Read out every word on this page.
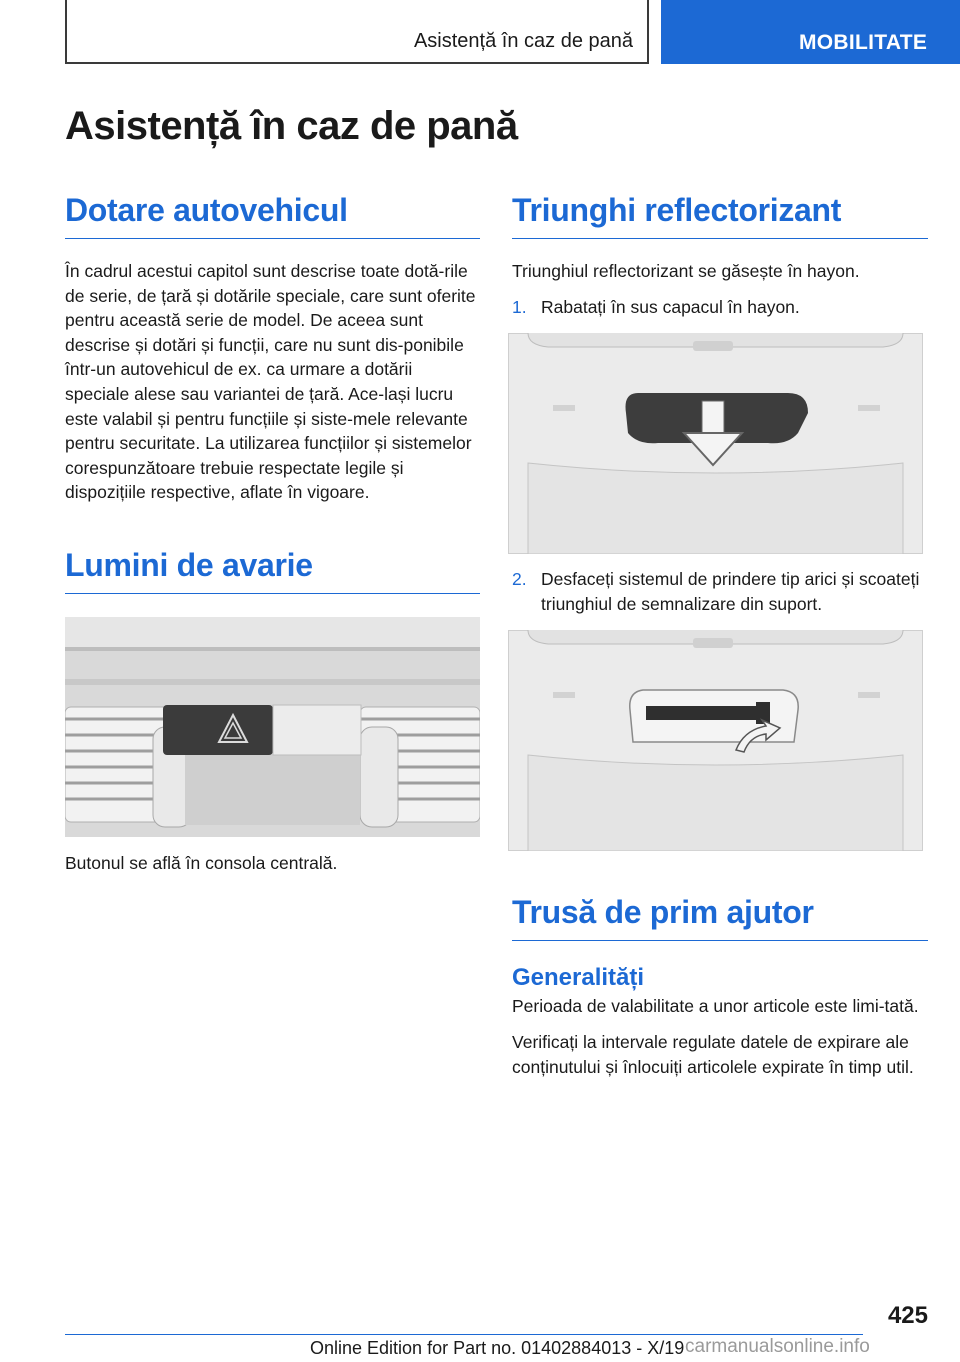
Asistență în caz de pană	MOBILITATE
Asistență în caz de pană
Dotare autovehicul

În cadrul acestui capitol sunt descrise toate dotă‐rile de serie, de țară și dotările speciale, care sunt oferite pentru această serie de model. De aceea sunt descrise și dotări și funcții, care nu sunt dis‐ponibile într-un autovehicul de ex. ca urmare a dotării speciale alese sau variantei de țară. Ace‐lași lucru este valabil și pentru funcțiile și siste‐mele relevante pentru securitate. La utilizarea funcțiilor și sistemelor corespunzătoare trebuie respectate legile și dispozițiile respective, aflate în vigoare.

Lumini de avarie

Butonul se află în consola centrală.

Triunghi reflectorizant

Triunghiul reflectorizant se găsește în hayon.

1. Rabatați în sus capacul în hayon.
2. Desfaceți sistemul de prindere tip arici și scoateți triunghiul de semnalizare din suport.
Trusă de prim ajutor
Generalități

Perioada de valabilitate a unor articole este limi‐tată.

Verificați la intervale regulate datele de expirare ale conținutului și înlocuiți articolele expirate în timp util.

425
Online Edition for Part no. 01402884013 - X/19 carmanualsonline.info
